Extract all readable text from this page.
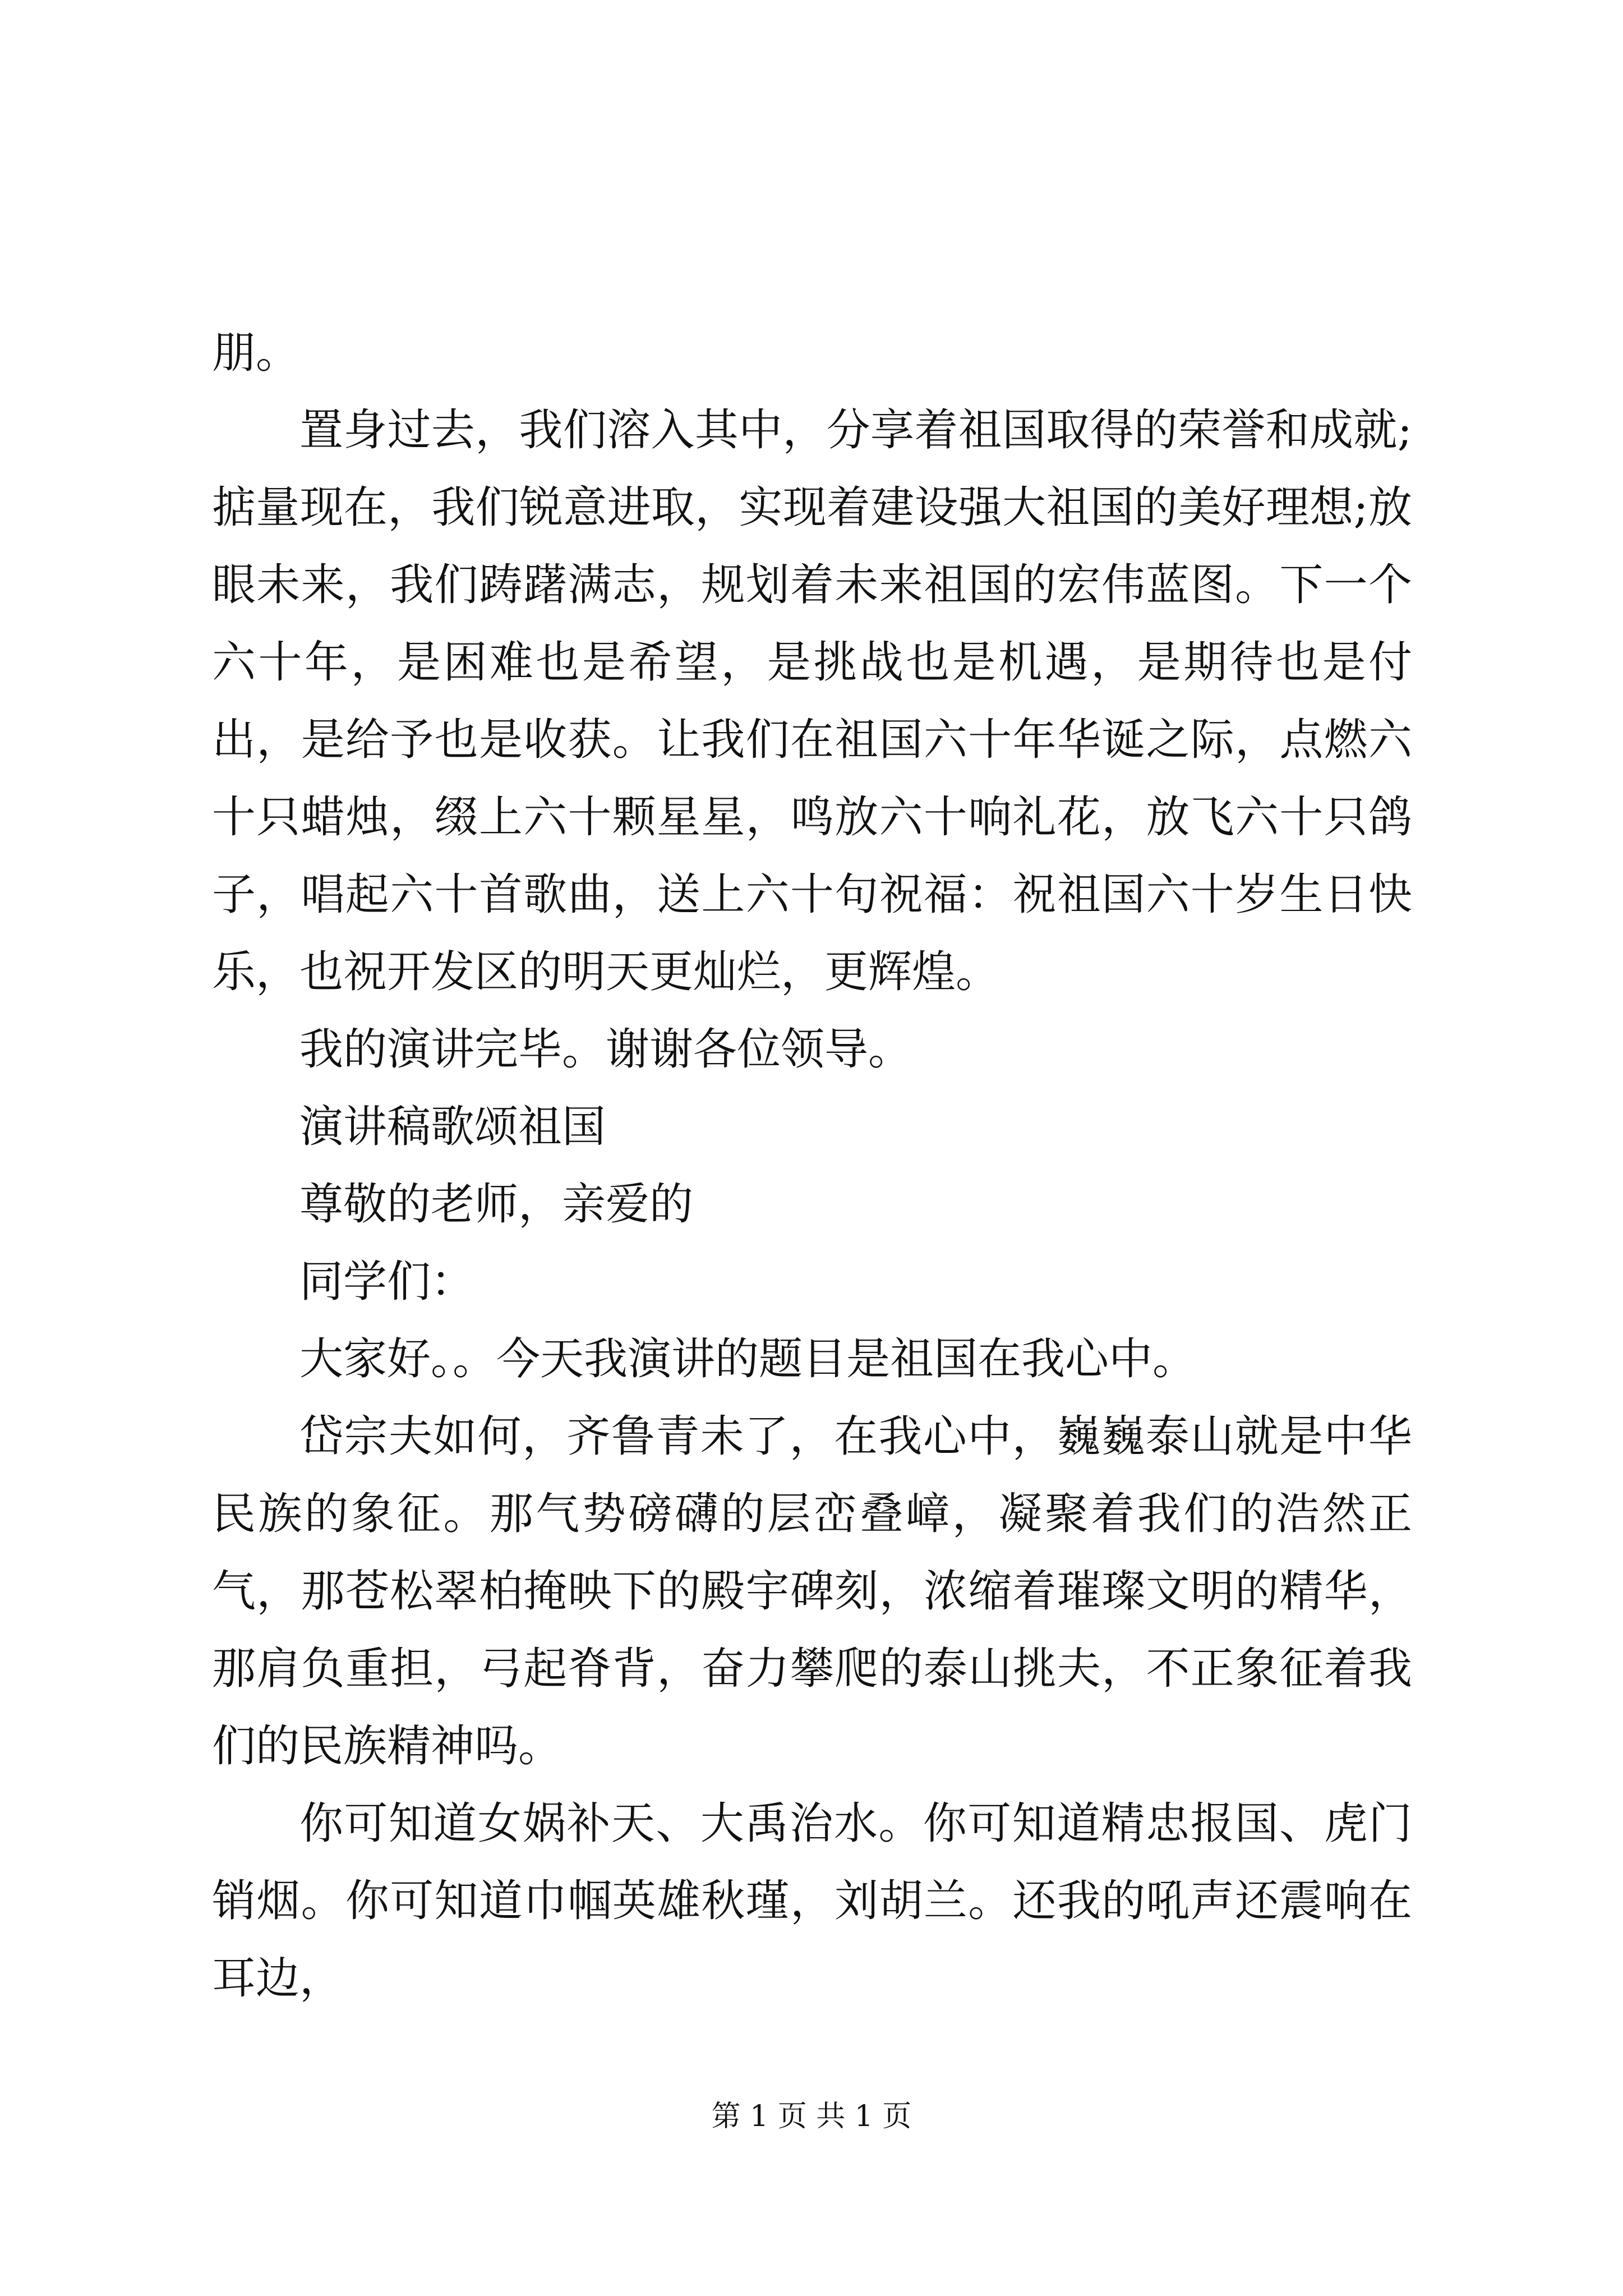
朋。

置身过去，我们溶入其中，分享着祖国取得的荣誉和成就;掂量现在，我们锐意进取，实现着建设强大祖国的美好理想;放眼未来，我们踌躇满志，规划着未来祖国的宏伟蓝图。下一个六十年，是困难也是希望，是挑战也是机遇，是期待也是付出，是给予也是收获。让我们在祖国六十年华诞之际，点燃六十只蜡烛，缀上六十颗星星，鸣放六十响礼花，放飞六十只鸽子，唱起六十首歌曲，送上六十句祝福：祝祖国六十岁生日快乐，也祝开发区的明天更灿烂，更辉煌。

我的演讲完毕。谢谢各位领导。

演讲稿歌颂祖国

尊敬的老师，亲爱的

同学们：

大家好。。今天我演讲的题目是祖国在我心中。

岱宗夫如何，齐鲁青未了，在我心中，巍巍泰山就是中华民族的象征。那气势磅礴的层峦叠嶂，凝聚着我们的浩然正气，那苍松翠柏掩映下的殿宇碑刻，浓缩着璀璨文明的精华，那肩负重担，弓起脊背，奋力攀爬的泰山挑夫，不正象征着我们的民族精神吗。

你可知道女娲补天、大禹治水。你可知道精忠报国、虎门销烟。你可知道巾帼英雄秋瑾，刘胡兰。还我的吼声还震响在耳边，

第 1 页 共 1 页
